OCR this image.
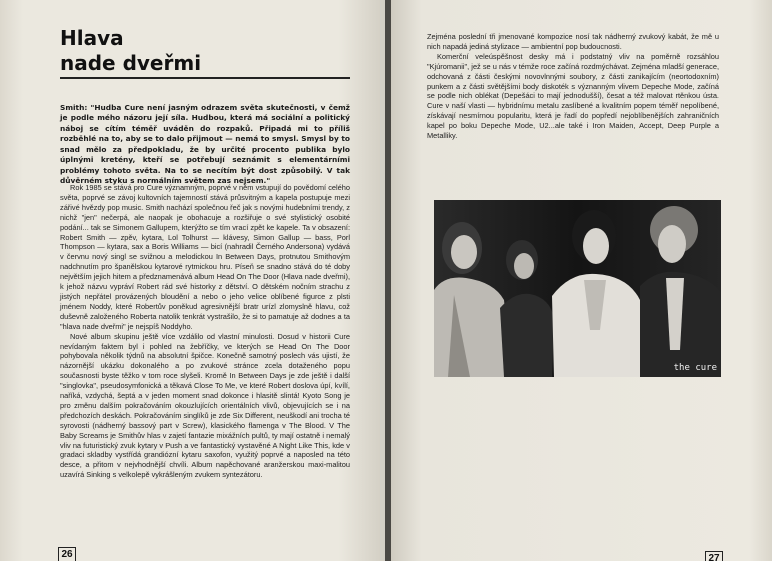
Hlava
nade dveřmi
Smith: "Hudba Cure není jasným odrazem světa skutečnosti, v čemž je podle mého názoru její síla. Hudbou, která má sociální a politický náboj se cítím téměř uváděn do rozpaků. Připadá mi to příliš rozběhlé na to, aby se to dalo přijmout — nemá to smysl. Smysl by to snad mělo za předpokladu, že by určité procento publika bylo úplnými kretény, kteří se potřebují seznámit s elementárními problémy tohoto světa. Na to se necítím být dost způsobilý. V tak důvěrném styku s normálním světem zas nejsem."

Rok 1985 se stává pro Cure významným, poprvé v něm vstupují do povědomí celého světa, poprvé se závoj kultovních tajemností stává průsvitným a kapela postupuje mezi zářivé hvězdy pop music. Smith nachází společnou řeč jak s novými hudebními trendy, z nichž "jen" nečerpá, ale naopak je obohacuje a rozšiřuje o své stylistický osobité podání... tak se Simonem Gallupem, kterýžto se tím vrací zpět ke kapele. Ta v obsazení: Robert Smith — zpěv, kytara, Lol Tolhurst — klávesy, Simon Gallup — bass, Porl Thompson — kytara, sax a Boris Williams — bicí (nahradil Černého Andersona) vydává v červnu nový singl se svižnou a melodickou In Between Days, protnutou Smithovým nadchnutím pro španělskou kytarové rytmickou hru. Píseň se snadno stává do té doby největším jejich hitem a předznamenává album Head On The Door (Hlava nade dveřmi), k jehož názvu vypráví Robert rád své historky z dětství. O dětském nočním strachu z jistých nepřátel provázených bloudění a nebo o jeho velice oblíbené figurce z plsti jménem Noddy, které Robertův poněkud agresivnější bratr urízl zlomyslně hlavu, což duševně založeného Roberta natolik tenkrát vystrašilo, že si to pamatuje až dodnes a ta "hlava nade dveřmi" je nejspíš Noddyho.

Nové album skupinu ještě více vzdálilo od vlastní minulosti. Dosud v historii Cure nevídaným faktem byl i pohled na žebříčky, ve kterých se Head On The Door pohybovala několik týdnů na absolutní špičce. Konečně samotný poslech vás ujistí, že názornější ukázku dokonalého a po zvukové stránce zcela dotaženého popu současnosti byste těžko v tom roce slyšeli. Kromě In Between Days je zde ještě i další "singlovka", pseudosymfonická a těkavá Close To Me, ve které Robert doslova úpí, kvílí, naříká, vzdychá, šeptá a v jeden moment snad dokonce i hlasitě slintá! Kyoto Song je pro změnu dalším pokračováním okouzlujících orientálních vlivů, objevujících se i na předchozích deskách. Pokračováním singlíků je zde Six Different, neuškodí ani trocha té syrovosti (nádherný bassový part v Screw), klasického flamenga v The Blood. V The Baby Screams je Smithův hlas v zajetí fantazie mixážních pultů, ty mají ostatně i nemalý vliv na futuristický zvuk kytary v Push a ve fantastický vystavěné A Night Like This, kde v gradaci skladby vystřídá grandiózní kytaru saxofon, využitý poprvé a naposled na této desce, a přitom v nejvhodnější chvíli. Album napěchované aranžerskou maxi-malitou uzavírá Sinking s velkolepě vykrášleným zvukem syntezátoru.

26

Zejména poslední tři jmenované kompozice nosí tak nádherný zvukový kabát, že mě u nich napadá jediná stylizace — ambientní pop budoucnosti.

Komerční veleúspěšnost desky má i podstatný vliv na poměrně rozsáhlou "Kjúromanii", jež se u nás v témže roce začíná rozdmýchávat. Zejména mladší generace, odchovaná z části českými novovlnnými soubory, z části zanikajícím (neortodoxním) punkem a z části světějšími body diskoték s význanným vlivem Depeche Mode, začíná se podle nich oblékat (Depešáci to mají jednodušší), česat a též malovat rtěnkou ústa. Cure v naší vlasti — hybridnímu metalu zaslíbené a kvalitním popem téměř nepolíbené, získávají nesmírnou popularitu, která je řadí do popředí nejoblíbenějších zahraničních kapel po boku Depeche Mode, U2...ale také i Iron Maiden, Accept, Deep Purple a Metalliky.

the cure
27
